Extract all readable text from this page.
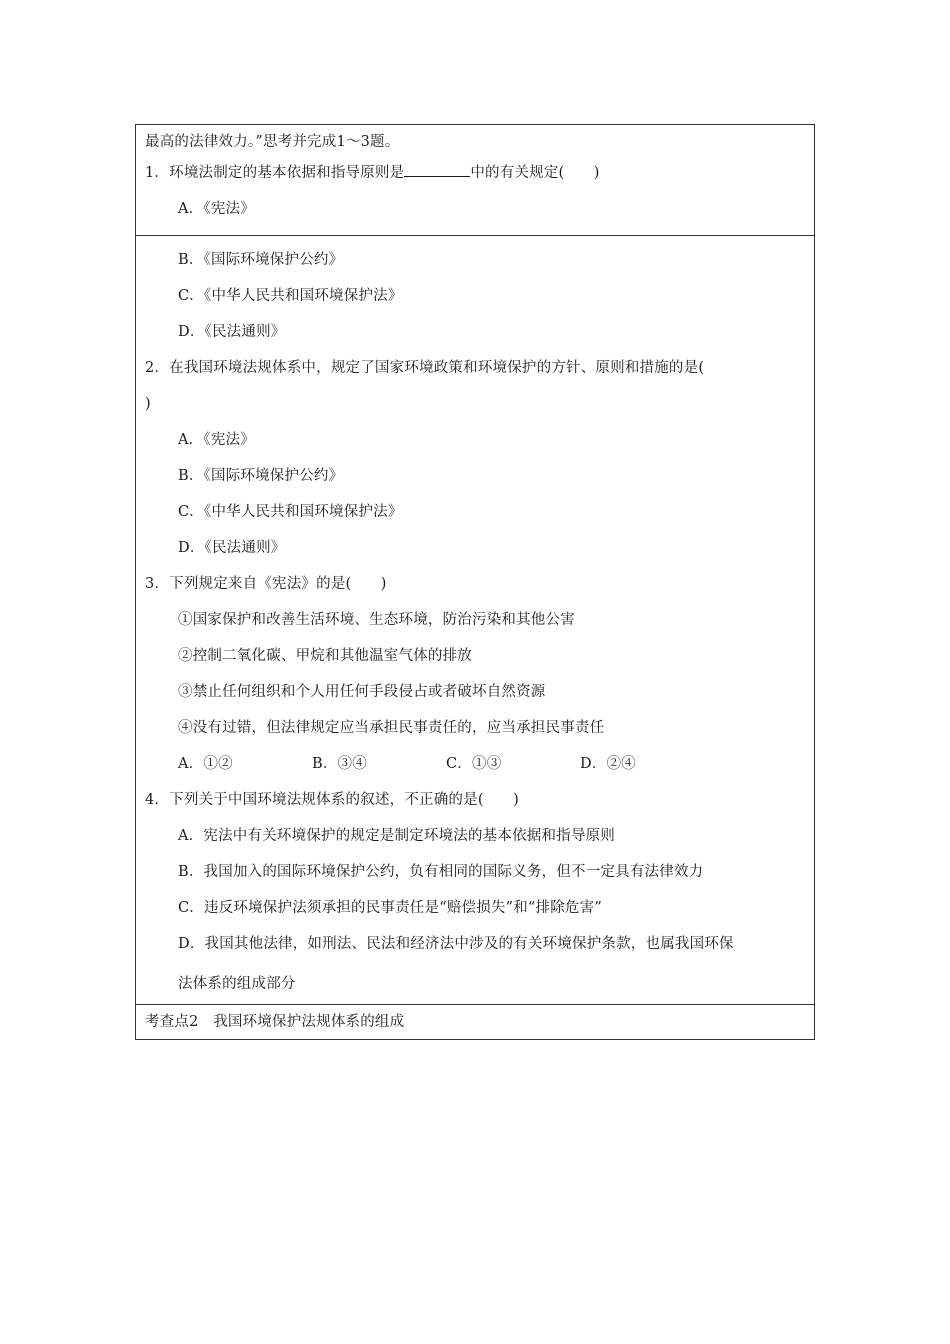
最高的法律效力。”思考并完成1～3题。
1．环境法制定的基本依据和指导原则是	中的有关规定(　　)
A．《宪法》
B．《国际环境保护公约》
C．《中华人民共和国环境保护法》
D．《民法通则》
2．在我国环境法规体系中，规定了国家环境政策和环境保护的方针、原则和措施的是(
)
A．《宪法》
B．《国际环境保护公约》
C．《中华人民共和国环境保护法》
D．《民法通则》
3．下列规定来自《宪法》的是(　　)
①国家保护和改善生活环境、生态环境，防治污染和其他公害
②控制二氧化碳、甲烷和其他温室气体的排放
③禁止任何组织和个人用任何手段侵占或者破坏自然资源
④没有过错，但法律规定应当承担民事责任的，应当承担民事责任
A．①②	B．③④	C．①③	D．②④
4．下列关于中国环境法规体系的叙述，不正确的是(　　)
A．宪法中有关环境保护的规定是制定环境法的基本依据和指导原则
B．我国加入的国际环境保护公约，负有相同的国际义务，但不一定具有法律效力
C．违反环境保护法须承担的民事责任是“赔偿损失”和“排除危害”
D．我国其他法律，如刑法、民法和经济法中涉及的有关环境保护条款，也属我国环保
法体系的组成部分
考查点2　我国环境保护法规体系的组成
